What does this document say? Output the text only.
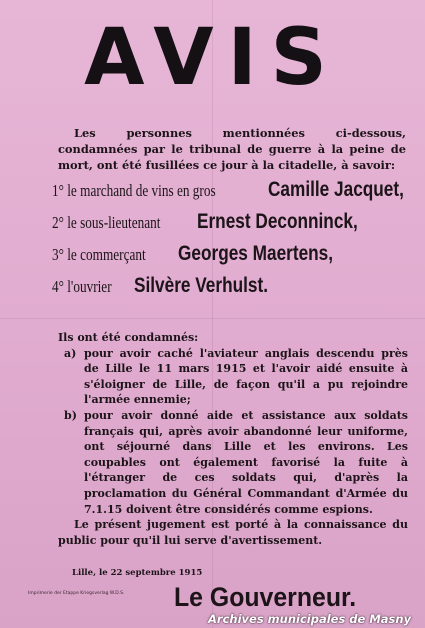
AVIS
Les personnes mentionnées ci-dessous, condamnées par le tribunal de guerre à la peine de mort, ont été fusillées ce jour à la citadelle, à savoir:
1° le marchand de vins en gros Camille Jacquet,
2° le sous-lieutenant Ernest Deconninck,
3° le commerçant Georges Maertens,
4° l'ouvrier Silvère Verhulst.
Ils ont été condamnés:
a) pour avoir caché l'aviateur anglais descendu près de Lille le 11 mars 1915 et l'avoir aidé ensuite à s'éloigner de Lille, de façon qu'il a pu rejoindre l'armée ennemie;
b) pour avoir donné aide et assistance aux soldats français qui, après avoir abandonné leur uniforme, ont séjourné dans Lille et les environs. Les coupables ont également favorisé la fuite à l'étranger de ces soldats qui, d'après la proclamation du Général Commandant d'Armée du 7.1.15 doivent être considérés comme espions.
Le présent jugement est porté à la connaissance du public pour qu'il lui serve d'avertissement.
Lille, le 22 septembre 1915
Imprimerie der Etappe Kriegsverlag W.D.S. Le Gouverneur.
Archives municipales de Masny
